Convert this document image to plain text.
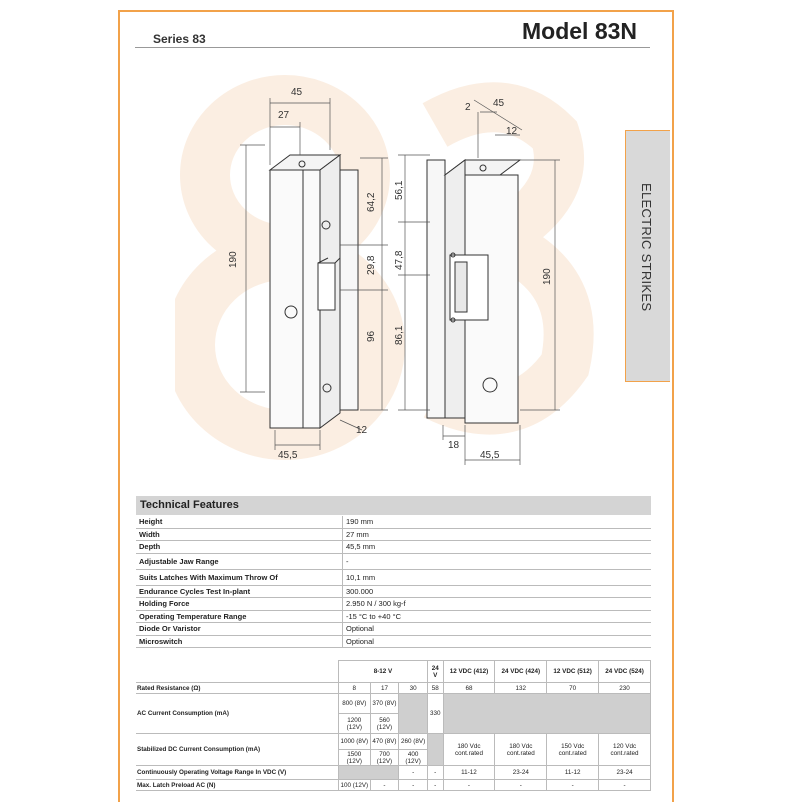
Series 83	Model 83N
ELECTRIC STRIKES
45
27
190
64,2
29,8
96
45,5
12
2 45
12
56,1
47,8
86,1
190
18
45,5
Technical Features
Height	190 mm
Width	27 mm
Depth	45,5 mm
Adjustable Jaw Range	-
Suits Latches With Maximum Throw Of	10,1 mm
Endurance Cycles Test In-plant	300.000
Holding Force	2.950 N / 300 kg-f
Operating Temperature Range	-15 °C to +40 °C
Diode Or Varistor	Optional
Microswitch	Optional
	8-12 V			24 V	12 VDC (412)	24 VDC (424)	12 VDC (512)	24 VDC (524)
Rated Resistance (Ω)	8	17	30	58	68	132	70	230
AC Current Consumption (mA)	800 (8V)	370 (8V)		330				
	1200 (12V)	560 (12V)						
Stabilized DC Current Consumption (mA)	1000 (8V)	470 (8V)	260 (8V)		180 Vdc cont.rated	180 Vdc cont.rated	150 Vdc cont.rated	120 Vdc cont.rated
	1500 (12V)	700 (12V)	400 (12V)					
Continuously Operating Voltage Range In VDC (V)			-	-	11-12	23-24	11-12	23-24
Max. Latch Preload AC (N)	100 (12V)	-	-	-	-	-	-	-
